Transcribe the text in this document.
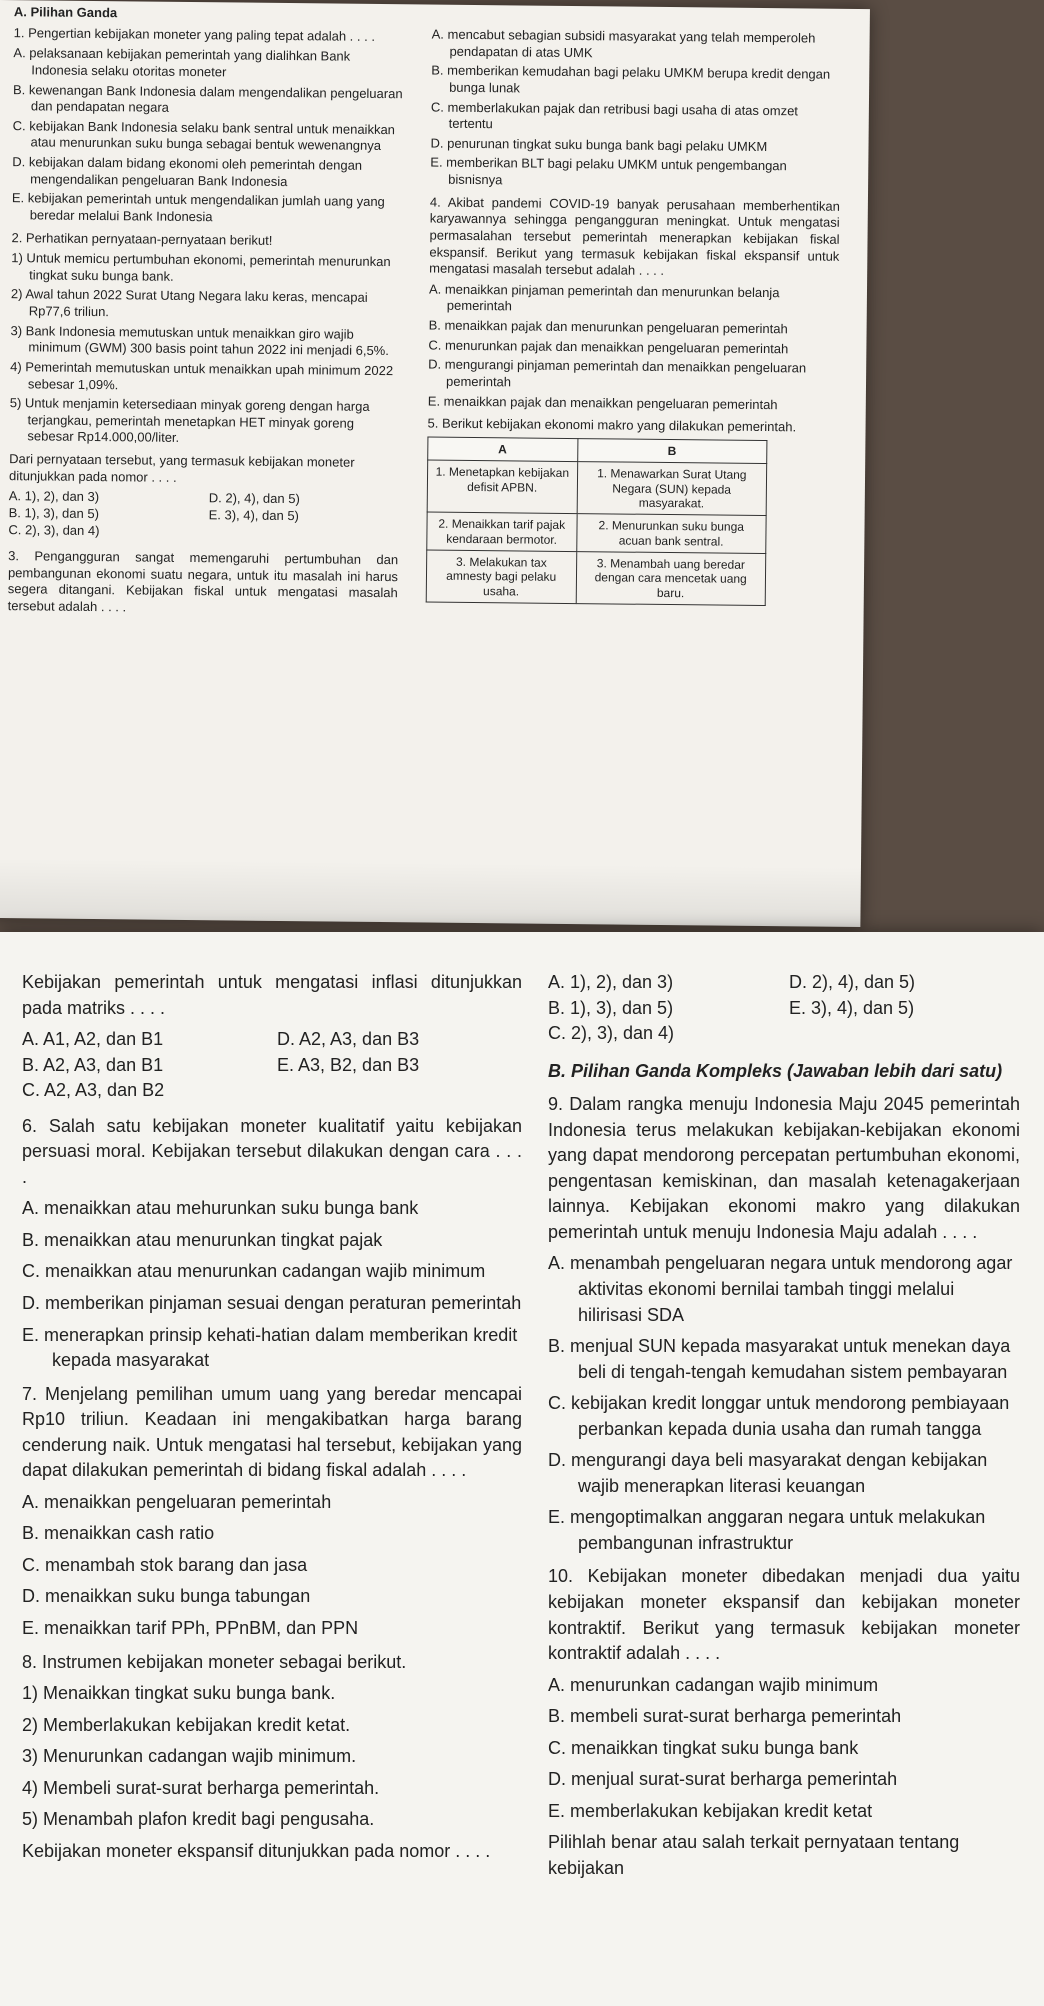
A. Pilihan Ganda
1. Pengertian kebijakan moneter yang paling tepat adalah . . . .
A. pelaksanaan kebijakan pemerintah yang dialihkan Bank Indonesia selaku otoritas moneter
B. kewenangan Bank Indonesia dalam mengendalikan pengeluaran dan pendapatan negara
C. kebijakan Bank Indonesia selaku bank sentral untuk menaikkan atau menurunkan suku bunga sebagai bentuk wewenangnya
D. kebijakan dalam bidang ekonomi oleh pemerintah dengan mengendalikan pengeluaran Bank Indonesia
E. kebijakan pemerintah untuk mengendalikan jumlah uang yang beredar melalui Bank Indonesia
2. Perhatikan pernyataan-pernyataan berikut!
1) Untuk memicu pertumbuhan ekonomi, pemerintah menurunkan tingkat suku bunga bank.
2) Awal tahun 2022 Surat Utang Negara laku keras, mencapai Rp77,6 triliun.
3) Bank Indonesia memutuskan untuk menaikkan giro wajib minimum (GWM) 300 basis point tahun 2022 ini menjadi 6,5%.
4) Pemerintah memutuskan untuk menaikkan upah minimum 2022 sebesar 1,09%.
5) Untuk menjamin ketersediaan minyak goreng dengan harga terjangkau, pemerintah menetapkan HET minyak goreng sebesar Rp14.000,00/liter.
Dari pernyataan tersebut, yang termasuk kebijakan moneter ditunjukkan pada nomor . . . .
A. 1), 2), dan 3)	D. 2), 4), dan 5)
B. 1), 3), dan 5)	E. 3), 4), dan 5)
C. 2), 3), dan 4)
3. Pengangguran sangat memengaruhi pertumbuhan dan pembangunan ekonomi suatu negara, untuk itu masalah ini harus segera ditangani. Kebijakan fiskal untuk mengatasi masalah tersebut adalah . . . .
A. mencabut sebagian subsidi masyarakat yang telah memperoleh pendapatan di atas UMK
B. memberikan kemudahan bagi pelaku UMKM berupa kredit dengan bunga lunak
C. memberlakukan pajak dan retribusi bagi usaha di atas omzet tertentu
D. penurunan tingkat suku bunga bank bagi pelaku UMKM
E. memberikan BLT bagi pelaku UMKM untuk pengembangan bisnisnya
4. Akibat pandemi COVID-19 banyak perusahaan memberhentikan karyawannya sehingga pengangguran meningkat. Untuk mengatasi permasalahan tersebut pemerintah menerapkan kebijakan fiskal ekspansif. Berikut yang termasuk kebijakan fiskal ekspansif untuk mengatasi masalah tersebut adalah . . . .
A. menaikkan pinjaman pemerintah dan menurunkan belanja pemerintah
B. menaikkan pajak dan menurunkan pengeluaran pemerintah
C. menurunkan pajak dan menaikkan pengeluaran pemerintah
D. mengurangi pinjaman pemerintah dan menaikkan pengeluaran pemerintah
E. menaikkan pajak dan menaikkan pengeluaran pemerintah
5. Berikut kebijakan ekonomi makro yang dilakukan pemerintah.
A	B
1. Menetapkan kebijakan defisit APBN.	1. Menawarkan Surat Utang Negara (SUN) kepada masyarakat.
2. Menaikkan tarif pajak kendaraan bermotor.	2. Menurunkan suku bunga acuan bank sentral.
3. Melakukan tax amnesty bagi pelaku usaha.	3. Menambah uang beredar dengan cara mencetak uang baru.
Kebijakan pemerintah untuk mengatasi inflasi ditunjukkan pada matriks . . . .
A. A1, A2, dan B1	D. A2, A3, dan B3
B. A2, A3, dan B1	E. A3, B2, dan B3
C. A2, A3, dan B2
6. Salah satu kebijakan moneter kualitatif yaitu kebijakan persuasi moral. Kebijakan tersebut dilakukan dengan cara . . . .
A. menaikkan atau mehurunkan suku bunga bank
B. menaikkan atau menurunkan tingkat pajak
C. menaikkan atau menurunkan cadangan wajib minimum
D. memberikan pinjaman sesuai dengan peraturan pemerintah
E. menerapkan prinsip kehati-hatian dalam memberikan kredit kepada masyarakat
7. Menjelang pemilihan umum uang yang beredar mencapai Rp10 triliun. Keadaan ini mengakibatkan harga barang cenderung naik. Untuk mengatasi hal tersebut, kebijakan yang dapat dilakukan pemerintah di bidang fiskal adalah . . . .
A. menaikkan pengeluaran pemerintah
B. menaikkan cash ratio
C. menambah stok barang dan jasa
D. menaikkan suku bunga tabungan
E. menaikkan tarif PPh, PPnBM, dan PPN
8. Instrumen kebijakan moneter sebagai berikut.
1) Menaikkan tingkat suku bunga bank.
2) Memberlakukan kebijakan kredit ketat.
3) Menurunkan cadangan wajib minimum.
4) Membeli surat-surat berharga pemerintah.
5) Menambah plafon kredit bagi pengusaha.
Kebijakan moneter ekspansif ditunjukkan pada nomor . . . .
A. 1), 2), dan 3)	D. 2), 4), dan 5)
B. 1), 3), dan 5)	E. 3), 4), dan 5)
C. 2), 3), dan 4)
B. Pilihan Ganda Kompleks (Jawaban lebih dari satu)
9. Dalam rangka menuju Indonesia Maju 2045 pemerintah Indonesia terus melakukan kebijakan-kebijakan ekonomi yang dapat mendorong percepatan pertumbuhan ekonomi, pengentasan kemiskinan, dan masalah ketenagakerjaan lainnya. Kebijakan ekonomi makro yang dilakukan pemerintah untuk menuju Indonesia Maju adalah . . . .
A. menambah pengeluaran negara untuk mendorong agar aktivitas ekonomi bernilai tambah tinggi melalui hilirisasi SDA
B. menjual SUN kepada masyarakat untuk menekan daya beli di tengah-tengah kemudahan sistem pembayaran
C. kebijakan kredit longgar untuk mendorong pembiayaan perbankan kepada dunia usaha dan rumah tangga
D. mengurangi daya beli masyarakat dengan kebijakan wajib menerapkan literasi keuangan
E. mengoptimalkan anggaran negara untuk melakukan pembangunan infrastruktur
10. Kebijakan moneter dibedakan menjadi dua yaitu kebijakan moneter ekspansif dan kebijakan moneter kontraktif. Berikut yang termasuk kebijakan moneter kontraktif adalah . . . .
A. menurunkan cadangan wajib minimum
B. membeli surat-surat berharga pemerintah
C. menaikkan tingkat suku bunga bank
D. menjual surat-surat berharga pemerintah
E. memberlakukan kebijakan kredit ketat
Pilihlah benar atau salah terkait pernyataan tentang kebijakan
